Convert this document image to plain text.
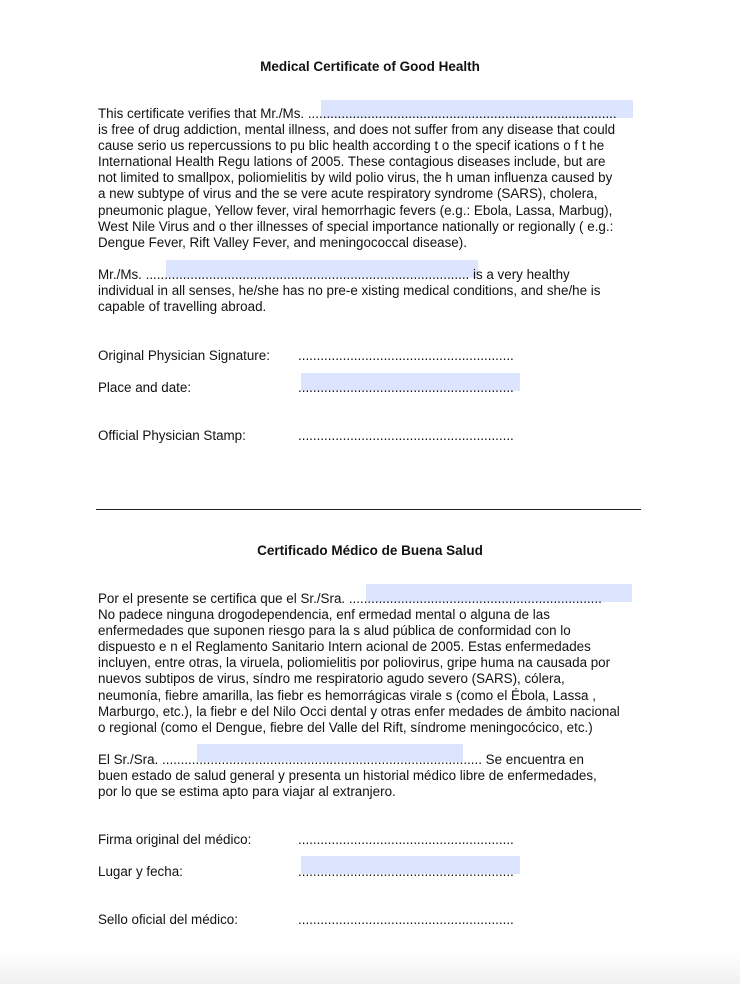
Medical Certificate of Good Health
This certificate verifies that Mr./Ms. ...................................................................................
is free of drug addiction, mental illness, and does not suffer from any disease that could
cause serio us repercussions to pu blic health according t o the specif ications o f t he
International Health Regu lations of 2005. These contagious diseases include, but are
not limited to smallpox, poliomielitis by wild polio virus, the h uman influenza caused by
a new subtype of virus and the se vere acute respiratory syndrome (SARS), cholera,
pneumonic plague, Yellow fever, viral hemorrhagic fevers (e.g.: Ebola, Lassa, Marbug),
West Nile Virus and o ther illnesses of special importance nationally or regionally ( e.g.:
Dengue Fever, Rift Valley Fever, and meningococcal disease).
Mr./Ms. ....................................................................................... is a very healthy
individual in all senses, he/she has no pre-e xisting medical conditions, and she/he is
capable of travelling abroad.
Original Physician Signature: ..........................................................
Place and date:	..........................................................
Official Physician Stamp:	..........................................................
Certificado Médico de Buena Salud
Por el presente se certifica que el Sr./Sra. ....................................................................
No padece ninguna drogodependencia, enf ermedad mental o alguna de las
enfermedades que suponen riesgo para la s alud pública de conformidad con lo
dispuesto e n el Reglamento Sanitario Intern acional de 2005. Estas enfermedades
incluyen, entre otras, la viruela, poliomielitis por poliovirus, gripe huma na causada por
nuevos subtipos de virus, síndro me respiratorio agudo severo (SARS), cólera,
neumonía, fiebre amarilla, las fiebr es hemorrágicas virale s (como el Ébola, Lassa ,
Marburgo, etc.), la fiebr e del Nilo Occi dental y otras enfer medades de ámbito nacional
o regional (como el Dengue, fiebre del Valle del Rift, síndrome meningocócico, etc.)
El Sr./Sra. ...................................................................................... Se encuentra en
buen estado de salud general y presenta un historial médico libre de enfermedades,
por lo que se estima apto para viajar al extranjero.
Firma original del médico:	..........................................................
Lugar y fecha:	..........................................................
Sello oficial del médico:	..........................................................
